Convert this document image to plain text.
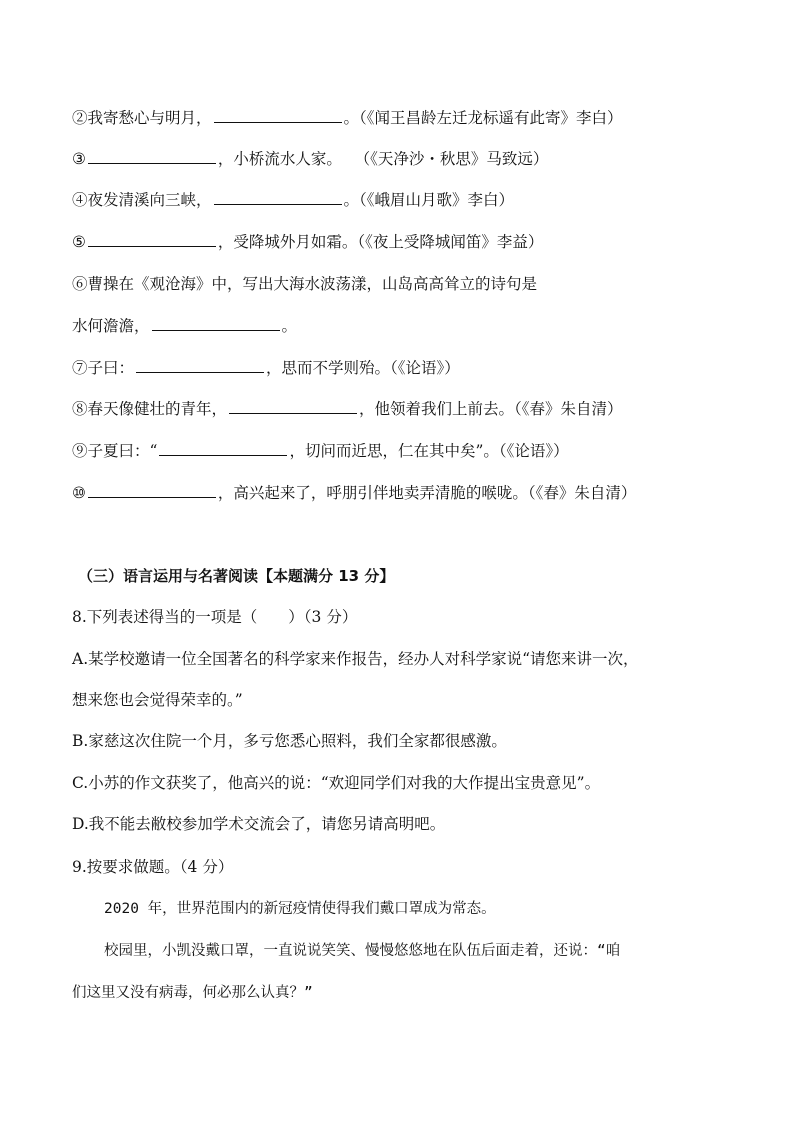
②我寄愁心与明月，	。（《闻王昌龄左迁龙标遥有此寄》李白）
③	，小桥流水人家。　 （《天净沙・秋思》马致远）
④夜发清溪向三峡，	。（《峨眉山月歌》李白）
⑤	，受降城外月如霜。（《夜上受降城闻笛》李益）
⑥曹操在《观沧海》中，写出大海水波荡漾，山岛高高耸立的诗句是
水何澹澹，	。
⑦子曰：	，思而不学则殆。（《论语》）
⑧春天像健壮的青年，	，他领着我们上前去。（《春》朱自清）
⑨子夏曰：“	，切问而近思，仁在其中矣”。（《论语》）
⑩	，高兴起来了，呼朋引伴地卖弄清脆的喉咙。（《春》朱自清）
（三）语言运用与名著阅读【本题满分 13 分】
8.下列表述得当的一项是（　　）（3 分）
A.某学校邀请一位全国著名的科学家来作报告，经办人对科学家说“请您来讲一次，
想来您也会觉得荣幸的。”
B.家慈这次住院一个月，多亏您悉心照料，我们全家都很感激。
C.小苏的作文获奖了，他高兴的说：“欢迎同学们对我的大作提出宝贵意见”。
D.我不能去敝校参加学术交流会了，请您另请高明吧。
9.按要求做题。（4 分）
2020 年，世界范围内的新冠疫情使得我们戴口罩成为常态。
校园里，小凯没戴口罩，一直说说笑笑、慢慢悠悠地在队伍后面走着，还说：“咱
们这里又没有病毒，何必那么认真？”
